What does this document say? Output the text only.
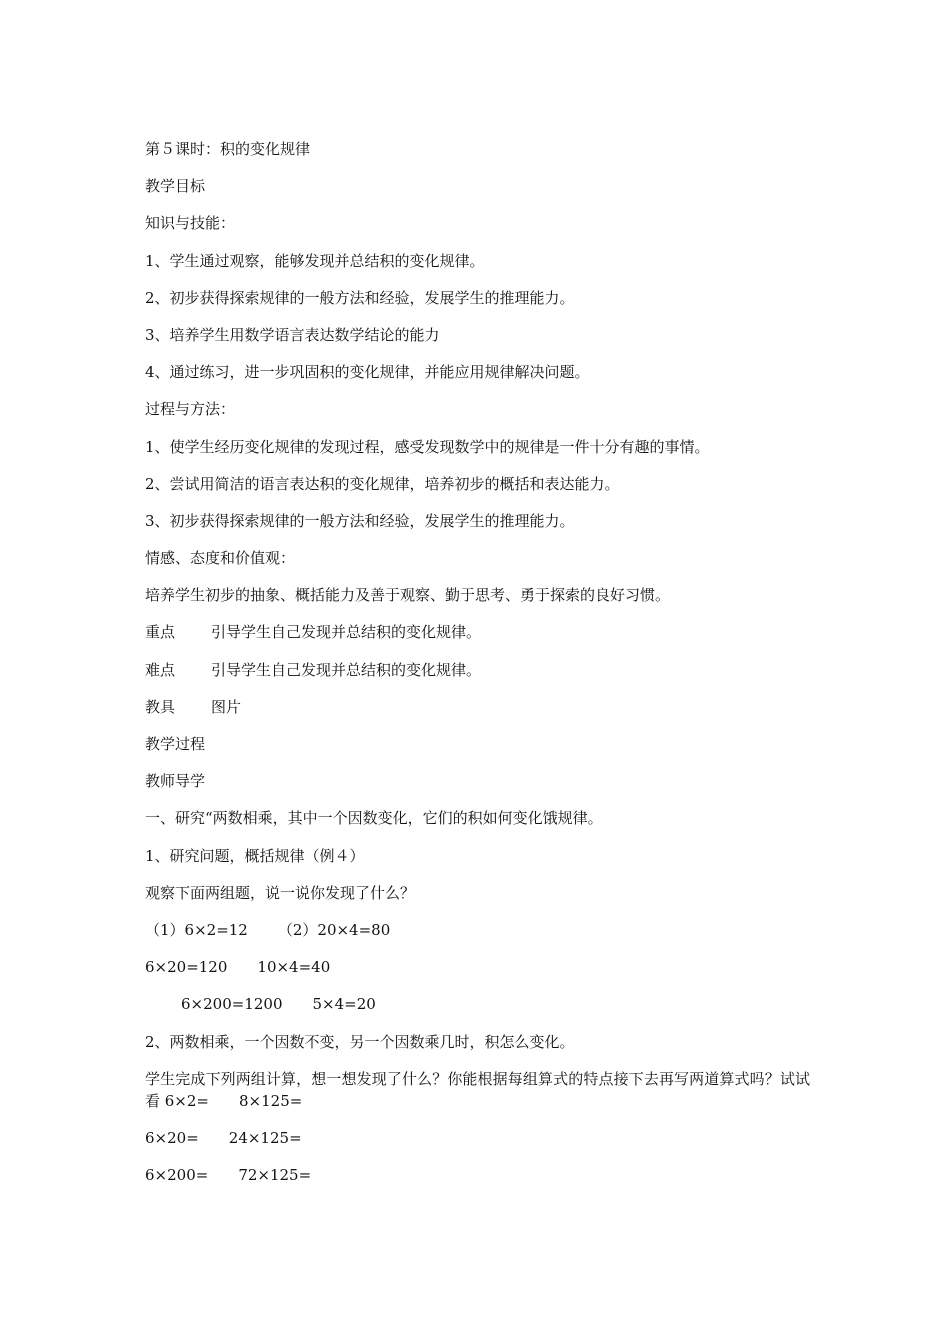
第５课时：积的变化规律
教学目标
知识与技能：
1、学生通过观察，能够发现并总结积的变化规律。
2、初步获得探索规律的一般方法和经验，发展学生的推理能力。
3、培养学生用数学语言表达数学结论的能力
4、通过练习，进一步巩固积的变化规律，并能应用规律解决问题。
过程与方法：
1、使学生经历变化规律的发现过程，感受发现数学中的规律是一件十分有趣的事情。
2、尝试用简洁的语言表达积的变化规律，培养初步的概括和表达能力。
3、初步获得探索规律的一般方法和经验，发展学生的推理能力。
情感、态度和价值观：
培养学生初步的抽象、概括能力及善于观察、勤于思考、勇于探索的良好习惯。
重点 引导学生自己发现并总结积的变化规律。
难点 引导学生自己发现并总结积的变化规律。
教具 图片
教学过程
教师导学
一、研究“两数相乘，其中一个因数变化，它们的积如何变化饿规律。
1、研究问题，概括规律（例４）
观察下面两组题，说一说你发现了什么？
（1）6×2=12 （2）20×4=80
6×20=120 10×4=40
6×200=1200 5×4=20
2、两数相乘，一个因数不变，另一个因数乘几时，积怎么变化。
学生完成下列两组计算，想一想发现了什么？你能根据每组算式的特点接下去再写两道算式吗？试试看 6×2= 8×125=
6×20= 24×125=
6×200= 72×125=
